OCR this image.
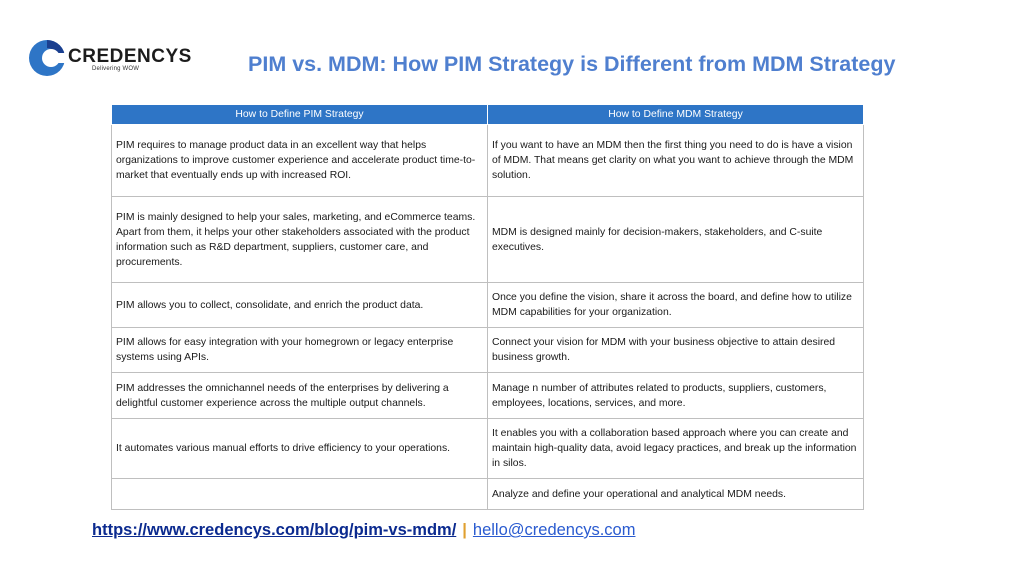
CREDENCYS
Delivering WOW	PIM vs. MDM: How PIM Strategy is Different from MDM Strategy
How to Define PIM Strategy	How to Define MDM Strategy
PIM requires to manage product data in an excellent way that helps organizations to improve customer experience and accelerate product time-to-market that eventually ends up with increased ROI.	If you want to have an MDM then the first thing you need to do is have a vision of MDM. That means get clarity on what you want to achieve through the MDM solution.
PIM is mainly designed to help your sales, marketing, and eCommerce teams. Apart from them, it helps your other stakeholders associated with the product information such as R&D department, suppliers, customer care, and procurements.	MDM is designed mainly for decision-makers, stakeholders, and C-suite executives.
PIM allows you to collect, consolidate, and enrich the product data.	Once you define the vision, share it across the board, and define how to utilize MDM capabilities for your organization.
PIM allows for easy integration with your homegrown or legacy enterprise systems using APIs.	Connect your vision for MDM with your business objective to attain desired business growth.
PIM addresses the omnichannel needs of the enterprises by delivering a delightful customer experience across the multiple output channels.	Manage n number of attributes related to products, suppliers, customers, employees, locations, services, and more.
It automates various manual efforts to drive efficiency to your operations.	It enables you with a collaboration based approach where you can create and maintain high-quality data, avoid legacy practices, and break up the information in silos.
	Analyze and define your operational and analytical MDM needs.
https://www.credencys.com/blog/pim-vs-mdm/ | hello@credencys.com
